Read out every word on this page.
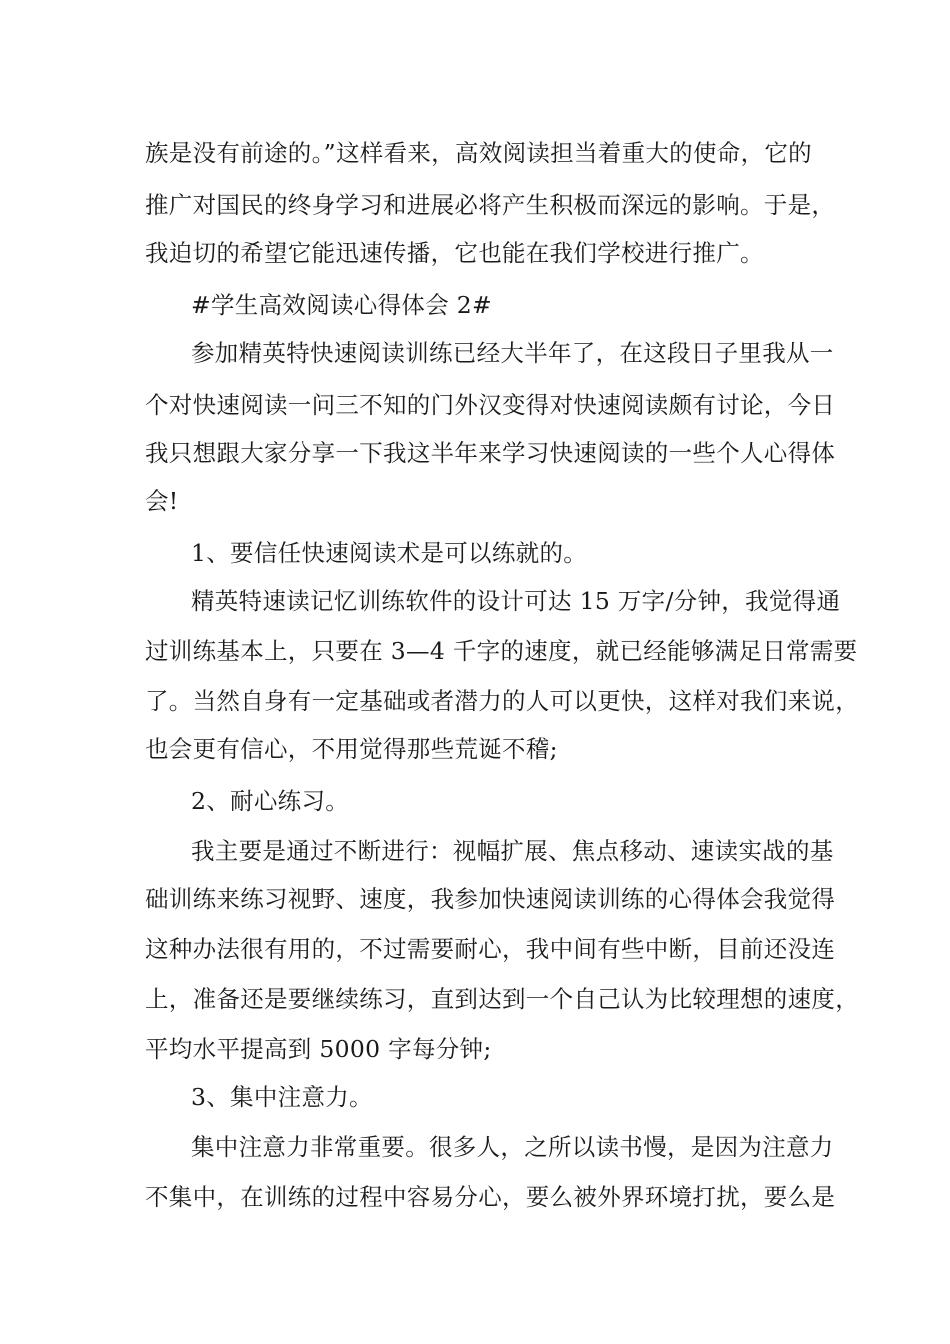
族是没有前途的。”这样看来，高效阅读担当着重大的使命，它的
推广对国民的终身学习和进展必将产生积极而深远的影响。于是，
我迫切的希望它能迅速传播，它也能在我们学校进行推广。
#学生高效阅读心得体会 2#
参加精英特快速阅读训练已经大半年了，在这段日子里我从一
个对快速阅读一问三不知的门外汉变得对快速阅读颇有讨论，今日
我只想跟大家分享一下我这半年来学习快速阅读的一些个人心得体
会!
1、要信任快速阅读术是可以练就的。
精英特速读记忆训练软件的设计可达 15 万字/分钟，我觉得通
过训练基本上，只要在 3—4 千字的速度，就已经能够满足日常需要
了。当然自身有一定基础或者潜力的人可以更快，这样对我们来说，
也会更有信心，不用觉得那些荒诞不稽;
2、耐心练习。
我主要是通过不断进行：视幅扩展、焦点移动、速读实战的基
础训练来练习视野、速度，我参加快速阅读训练的心得体会我觉得
这种办法很有用的，不过需要耐心，我中间有些中断，目前还没连
上，准备还是要继续练习，直到达到一个自己认为比较理想的速度，
平均水平提高到 5000 字每分钟;
3、集中注意力。
集中注意力非常重要。很多人，之所以读书慢，是因为注意力
不集中，在训练的过程中容易分心，要么被外界环境打扰，要么是
